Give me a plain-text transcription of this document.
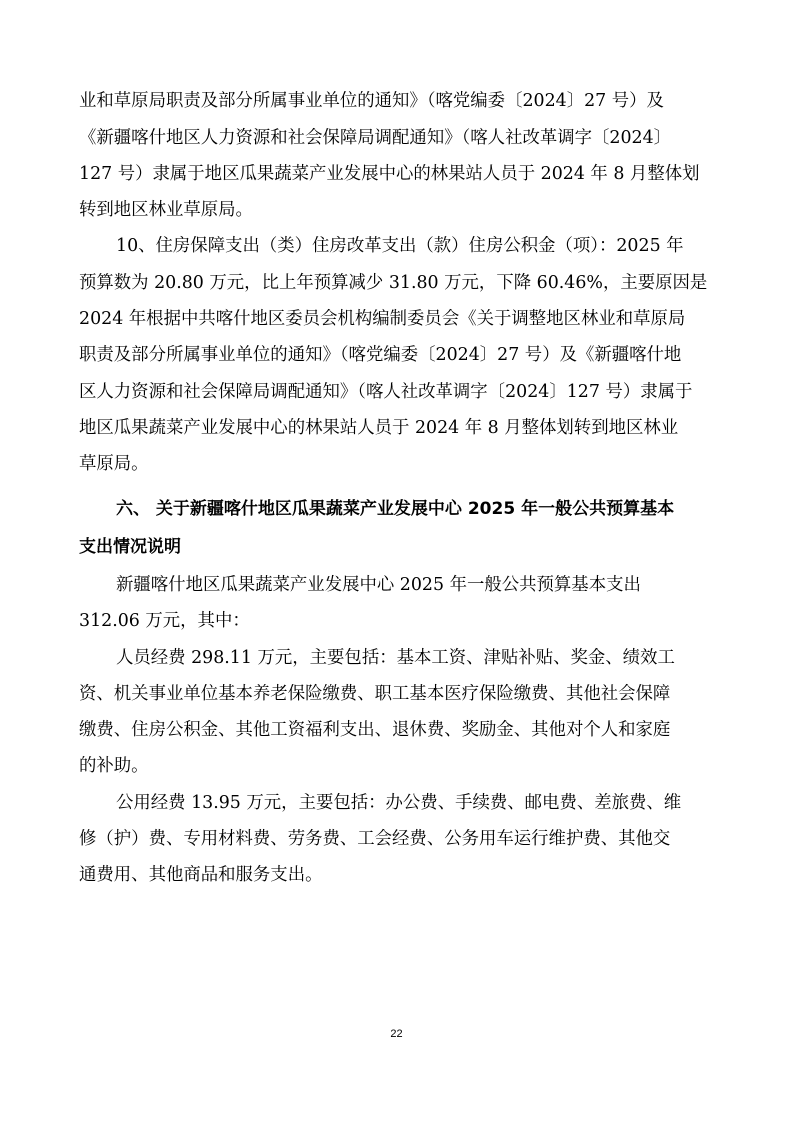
业和草原局职责及部分所属事业单位的通知》（喀党编委〔2024〕27 号）及

《新疆喀什地区人力资源和社会保障局调配通知》（喀人社改革调字〔2024〕

127 号）隶属于地区瓜果蔬菜产业发展中心的林果站人员于 2024 年 8 月整体划

转到地区林业草原局。

10、住房保障支出（类）住房改革支出（款）住房公积金（项）：2025 年

预算数为 20.80 万元，比上年预算减少 31.80 万元，下降 60.46%，主要原因是

2024 年根据中共喀什地区委员会机构编制委员会《关于调整地区林业和草原局

职责及部分所属事业单位的通知》（喀党编委〔2024〕27 号）及《新疆喀什地

区人力资源和社会保障局调配通知》（喀人社改革调字〔2024〕127 号）隶属于

地区瓜果蔬菜产业发展中心的林果站人员于 2024 年 8 月整体划转到地区林业

草原局。

六、 关于新疆喀什地区瓜果蔬菜产业发展中心 2025 年一般公共预算基本
支出情况说明

新疆喀什地区瓜果蔬菜产业发展中心 2025 年一般公共预算基本支出

312.06 万元，其中：

人员经费 298.11 万元，主要包括：基本工资、津贴补贴、奖金、绩效工

资、机关事业单位基本养老保险缴费、职工基本医疗保险缴费、其他社会保障

缴费、住房公积金、其他工资福利支出、退休费、奖励金、其他对个人和家庭

的补助。

公用经费 13.95 万元，主要包括：办公费、手续费、邮电费、差旅费、维

修（护）费、专用材料费、劳务费、工会经费、公务用车运行维护费、其他交

通费用、其他商品和服务支出。

22
